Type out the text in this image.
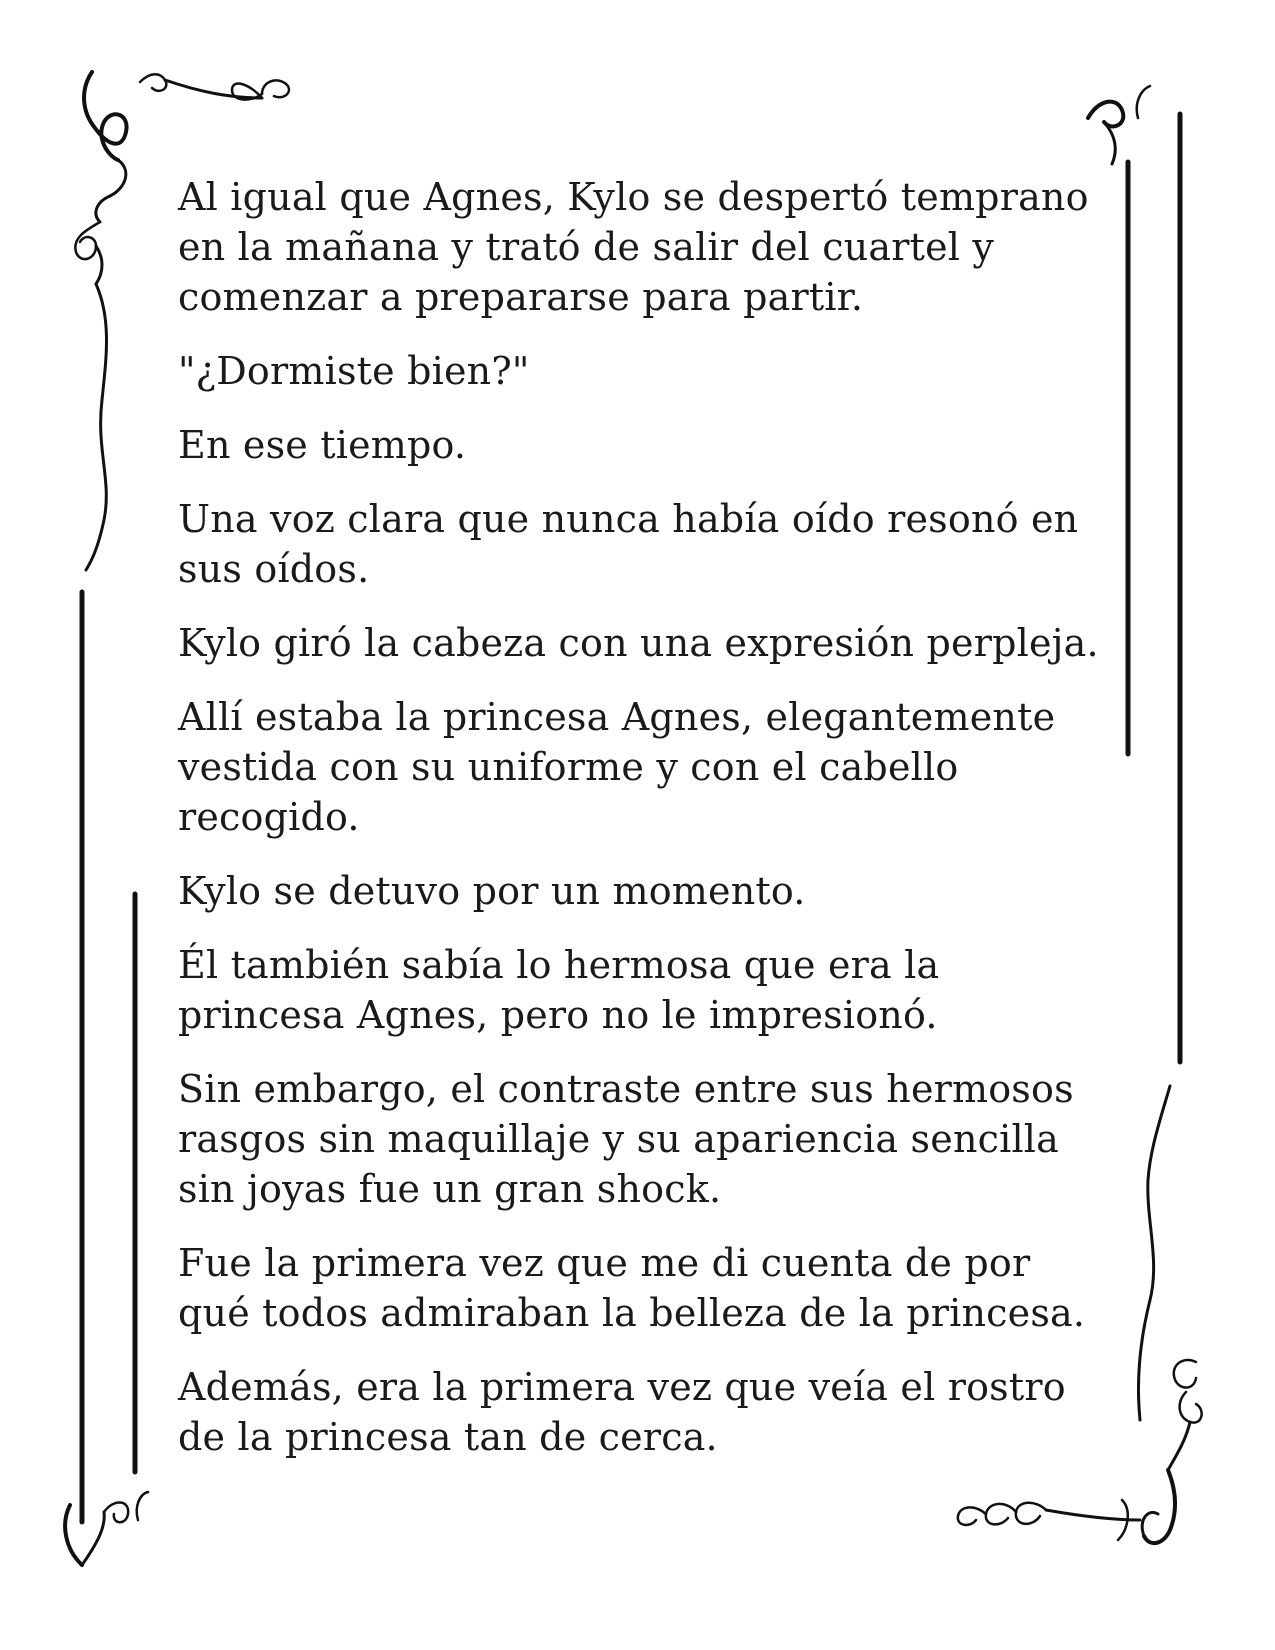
Al igual que Agnes, Kylo se despertó temprano en la mañana y trató de salir del cuartel y comenzar a prepararse para partir.

"¿Dormiste bien?"

En ese tiempo.

Una voz clara que nunca había oído resonó en sus oídos.

Kylo giró la cabeza con una expresión perpleja.

Allí estaba la princesa Agnes, elegantemente vestida con su uniforme y con el cabello recogido.

Kylo se detuvo por un momento.

Él también sabía lo hermosa que era la princesa Agnes, pero no le impresionó.

Sin embargo, el contraste entre sus hermosos rasgos sin maquillaje y su apariencia sencilla sin joyas fue un gran shock.

Fue la primera vez que me di cuenta de por qué todos admiraban la belleza de la princesa.

Además, era la primera vez que veía el rostro de la princesa tan de cerca.
